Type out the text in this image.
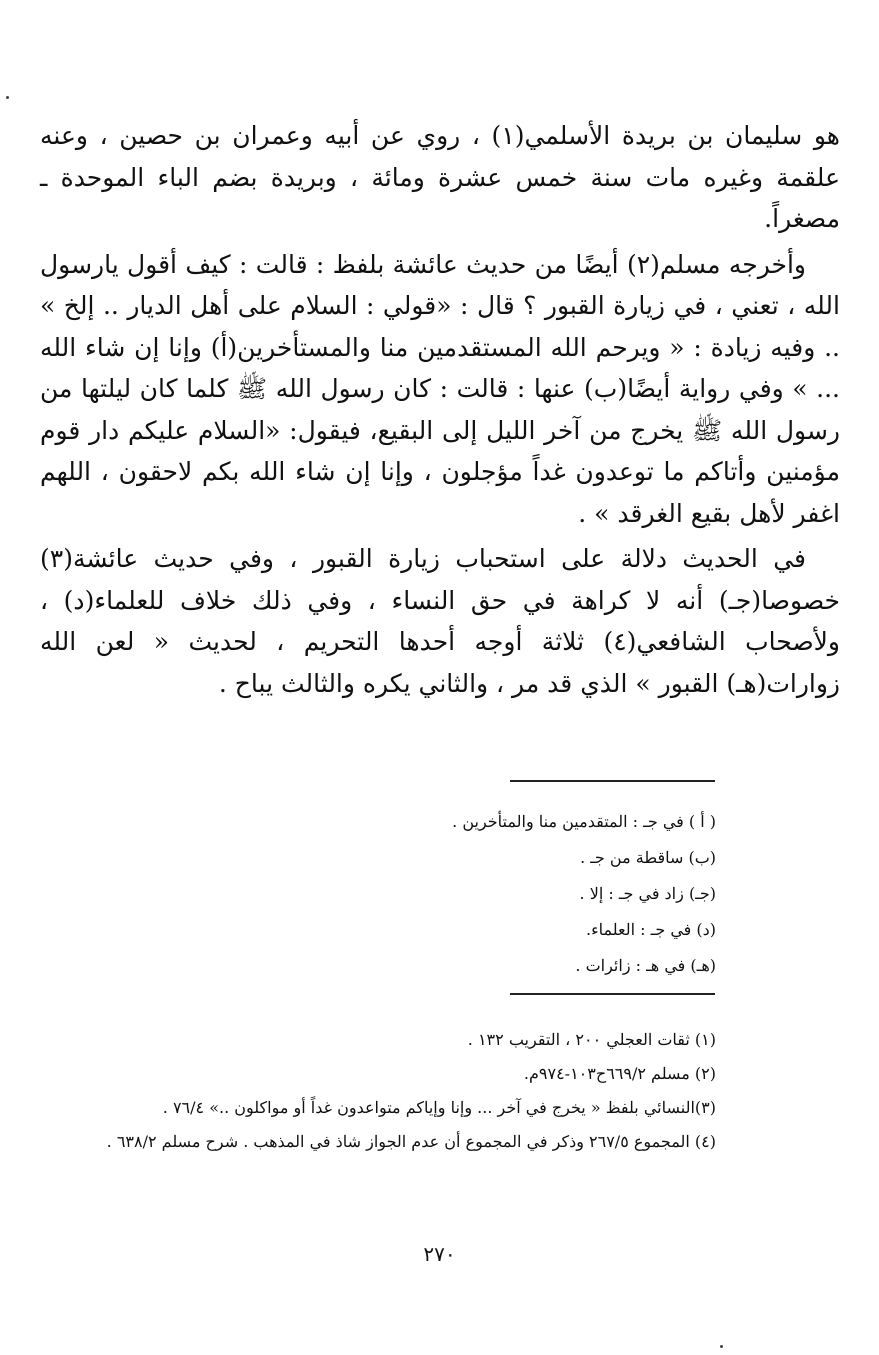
هو سليمان بن بريدة الأسلمي(١) ، روي عن أبيه وعمران بن حصين ، وعنه علقمة وغيره مات سنة خمس عشرة ومائة ، وبريدة بضم الباء الموحدة ـ مصغراً.

وأخرجه مسلم(٢) أيضًا من حديث عائشة بلفظ : قالت : كيف أقول يارسول الله ، تعني ، في زيارة القبور ؟ قال : «قولي : السلام على أهل الديار .. إلخ » .. وفيه زيادة : « ويرحم الله المستقدمين منا والمستأخرين(أ) وإنا إن شاء الله ... » وفي رواية أيضًا(ب) عنها : قالت : كان رسول الله ﷺ كلما كان ليلتها من رسول الله ﷺ يخرج من آخر الليل إلى البقيع، فيقول: «السلام عليكم دار قوم مؤمنين وأتاكم ما توعدون غداً مؤجلون ، وإنا إن شاء الله بكم لاحقون ، اللهم اغفر لأهل بقيع الغرقد » .

في الحديث دلالة على استحباب زيارة القبور ، وفي حديث عائشة(٣) خصوصا(جـ) أنه لا كراهة في حق النساء ، وفي ذلك خلاف للعلماء(د) ، ولأصحاب الشافعي(٤) ثلاثة أوجه أحدها التحريم ، لحديث « لعن الله زوارات(هـ) القبور » الذي قد مر ، والثاني يكره والثالث يباح .

( أ ) في جـ : المتقدمين منا والمتأخرين .
(ب) ساقطة من جـ .
(جـ) زاد في جـ : إلا .
(د) في جـ : العلماء.
(هـ) في هـ : زائرات .
(١) ثقات العجلي ٢٠٠ ، التقريب ١٣٢ .
(٢) مسلم ٦٦٩/٢ح١٠٣-٩٧٤م.
(٣)النسائي بلفظ « يخرج في آخر ... وإنا وإياكم متواعدون غداً أو مواكلون ..» ٧٦/٤ .
(٤) المجموع ٢٦٧/٥ وذكر في المجموع أن عدم الجواز شاذ في المذهب . شرح مسلم ٦٣٨/٢ .
٢٧٠
